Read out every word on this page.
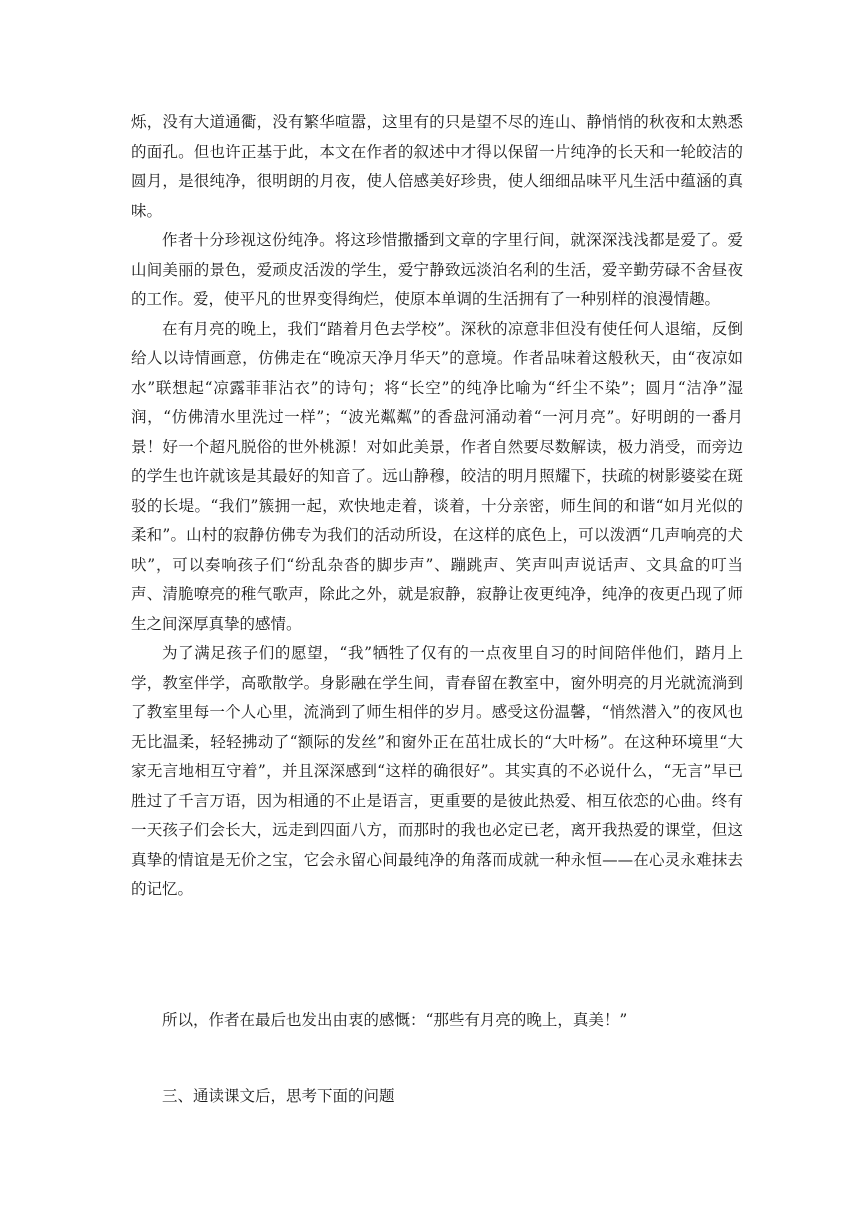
烁，没有大道通衢，没有繁华喧嚣，这里有的只是望不尽的连山、静悄悄的秋夜和太熟悉的面孔。但也许正基于此，本文在作者的叙述中才得以保留一片纯净的长天和一轮皎洁的圆月，是很纯净，很明朗的月夜，使人倍感美好珍贵，使人细细品味平凡生活中蕴涵的真味。

作者十分珍视这份纯净。将这珍惜撒播到文章的字里行间，就深深浅浅都是爱了。爱山间美丽的景色，爱顽皮活泼的学生，爱宁静致远淡泊名利的生活，爱辛勤劳碌不舍昼夜的工作。爱，使平凡的世界变得绚烂，使原本单调的生活拥有了一种别样的浪漫情趣。

在有月亮的晚上，我们“踏着月色去学校”。深秋的凉意非但没有使任何人退缩，反倒给人以诗情画意，仿佛走在“晚凉天净月华天”的意境。作者品味着这般秋天，由“夜凉如水”联想起“凉露菲菲沾衣”的诗句；将“长空”的纯净比喻为“纤尘不染”；圆月“洁净”湿润，“仿佛清水里洗过一样”；“波光粼粼”的香盘河涌动着“一河月亮”。好明朗的一番月景！好一个超凡脱俗的世外桃源！对如此美景，作者自然要尽数解读，极力消受，而旁边的学生也许就该是其最好的知音了。远山静穆，皎洁的明月照耀下，扶疏的树影婆娑在斑驳的长堤。“我们”簇拥一起，欢快地走着，谈着，十分亲密，师生间的和谐“如月光似的柔和”。山村的寂静仿佛专为我们的活动所设，在这样的底色上，可以泼洒“几声响亮的犬吠”，可以奏响孩子们“纷乱杂沓的脚步声”、蹦跳声、笑声叫声说话声、文具盒的叮当声、清脆嘹亮的稚气歌声，除此之外，就是寂静，寂静让夜更纯净，纯净的夜更凸现了师生之间深厚真挚的感情。

为了满足孩子们的愿望，“我”牺牲了仅有的一点夜里自习的时间陪伴他们，踏月上学，教室伴学，高歌散学。身影融在学生间，青春留在教室中，窗外明亮的月光就流淌到了教室里每一个人心里，流淌到了师生相伴的岁月。感受这份温馨，“悄然潜入”的夜风也无比温柔，轻轻拂动了“额际的发丝”和窗外正在茁壮成长的“大叶杨”。在这种环境里“大家无言地相互守着”，并且深深感到“这样的确很好”。其实真的不必说什么，“无言”早已胜过了千言万语，因为相通的不止是语言，更重要的是彼此热爱、相互依恋的心曲。终有一天孩子们会长大，远走到四面八方，而那时的我也必定已老，离开我热爱的课堂，但这真挚的情谊是无价之宝，它会永留心间最纯净的角落而成就一种永恒——在心灵永难抹去的记忆。

所以，作者在最后也发出由衷的感慨：“那些有月亮的晚上，真美！”

三、通读课文后，思考下面的问题
